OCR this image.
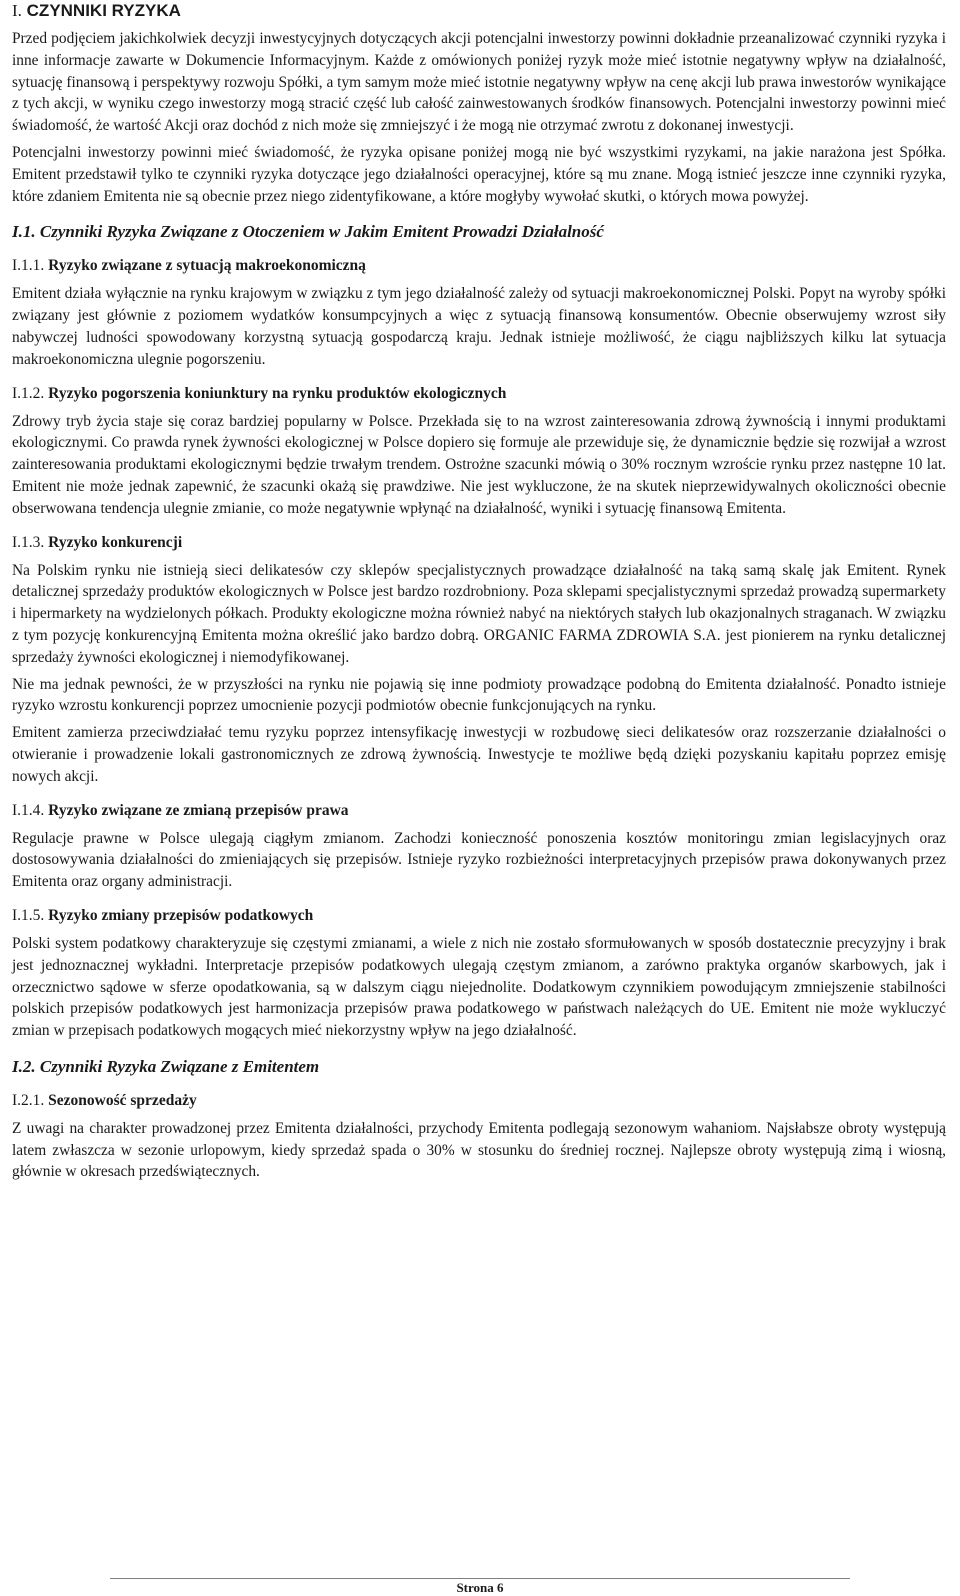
I. CZYNNIKI RYZYKA

Przed podjęciem jakichkolwiek decyzji inwestycyjnych dotyczących akcji potencjalni inwestorzy powinni dokładnie przeanalizować czynniki ryzyka i inne informacje zawarte w Dokumencie Informacyjnym. Każde z omówionych poniżej ryzyk może mieć istotnie negatywny wpływ na działalność, sytuację finansową i perspektywy rozwoju Spółki, a tym samym może mieć istotnie negatywny wpływ na cenę akcji lub prawa inwestorów wynikające z tych akcji, w wyniku czego inwestorzy mogą stracić część lub całość zainwestowanych środków finansowych. Potencjalni inwestorzy powinni mieć świadomość, że wartość Akcji oraz dochód z nich może się zmniejszyć i że mogą nie otrzymać zwrotu z dokonanej inwestycji.

Potencjalni inwestorzy powinni mieć świadomość, że ryzyka opisane poniżej mogą nie być wszystkimi ryzykami, na jakie narażona jest Spółka. Emitent przedstawił tylko te czynniki ryzyka dotyczące jego działalności operacyjnej, które są mu znane. Mogą istnieć jeszcze inne czynniki ryzyka, które zdaniem Emitenta nie są obecnie przez niego zidentyfikowane, a które mogłyby wywołać skutki, o których mowa powyżej.

I.1. Czynniki Ryzyka Związane z Otoczeniem w Jakim Emitent Prowadzi Działalność
I.1.1. Ryzyko związane z sytuacją makroekonomiczną

Emitent działa wyłącznie na rynku krajowym w związku z tym jego działalność zależy od sytuacji makroekonomicznej Polski. Popyt na wyroby spółki związany jest głównie z poziomem wydatków konsumpcyjnych a więc z sytuacją finansową konsumentów. Obecnie obserwujemy wzrost siły nabywczej ludności spowodowany korzystną sytuacją gospodarczą kraju. Jednak istnieje możliwość, że ciągu najbliższych kilku lat sytuacja makroekonomiczna ulegnie pogorszeniu.

I.1.2. Ryzyko pogorszenia koniunktury na rynku produktów ekologicznych

Zdrowy tryb życia staje się coraz bardziej popularny w Polsce. Przekłada się to na wzrost zainteresowania zdrową żywnością i innymi produktami ekologicznymi. Co prawda rynek żywności ekologicznej w Polsce dopiero się formuje ale przewiduje się, że dynamicznie będzie się rozwijał a wzrost zainteresowania produktami ekologicznymi będzie trwałym trendem. Ostrożne szacunki mówią o 30% rocznym wzroście rynku przez następne 10 lat. Emitent nie może jednak zapewnić, że szacunki okażą się prawdziwe. Nie jest wykluczone, że na skutek nieprzewidywalnych okoliczności obecnie obserwowana tendencja ulegnie zmianie, co może negatywnie wpłynąć na działalność, wyniki i sytuację finansową Emitenta.

I.1.3. Ryzyko konkurencji

Na Polskim rynku nie istnieją sieci delikatesów czy sklepów specjalistycznych prowadzące działalność na taką samą skalę jak Emitent. Rynek detalicznej sprzedaży produktów ekologicznych w Polsce jest bardzo rozdrobniony. Poza sklepami specjalistycznymi sprzedaż prowadzą supermarkety i hipermarkety na wydzielonych półkach. Produkty ekologiczne można również nabyć na niektórych stałych lub okazjonalnych straganach. W związku z tym pozycję konkurencyjną Emitenta można określić jako bardzo dobrą. ORGANIC FARMA ZDROWIA S.A. jest pionierem na rynku detalicznej sprzedaży żywności ekologicznej i niemodyfikowanej.

Nie ma jednak pewności, że w przyszłości na rynku nie pojawią się inne podmioty prowadzące podobną do Emitenta działalność. Ponadto istnieje ryzyko wzrostu konkurencji poprzez umocnienie pozycji podmiotów obecnie funkcjonujących na rynku.

Emitent zamierza przeciwdziałać temu ryzyku poprzez intensyfikację inwestycji w rozbudowę sieci delikatesów oraz rozszerzanie działalności o otwieranie i prowadzenie lokali gastronomicznych ze zdrową żywnością. Inwestycje te możliwe będą dzięki pozyskaniu kapitału poprzez emisję nowych akcji.

I.1.4. Ryzyko związane ze zmianą przepisów prawa

Regulacje prawne w Polsce ulegają ciągłym zmianom. Zachodzi konieczność ponoszenia kosztów monitoringu zmian legislacyjnych oraz dostosowywania działalności do zmieniających się przepisów. Istnieje ryzyko rozbieżności interpretacyjnych przepisów prawa dokonywanych przez Emitenta oraz organy administracji.

I.1.5. Ryzyko zmiany przepisów podatkowych

Polski system podatkowy charakteryzuje się częstymi zmianami, a wiele z nich nie zostało sformułowanych w sposób dostatecznie precyzyjny i brak jest jednoznacznej wykładni. Interpretacje przepisów podatkowych ulegają częstym zmianom, a zarówno praktyka organów skarbowych, jak i orzecznictwo sądowe w sferze opodatkowania, są w dalszym ciągu niejednolite. Dodatkowym czynnikiem powodującym zmniejszenie stabilności polskich przepisów podatkowych jest harmonizacja przepisów prawa podatkowego w państwach należących do UE. Emitent nie może wykluczyć zmian w przepisach podatkowych mogących mieć niekorzystny wpływ na jego działalność.

I.2. Czynniki Ryzyka Związane z Emitentem
I.2.1. Sezonowość sprzedaży

Z uwagi na charakter prowadzonej przez Emitenta działalności, przychody Emitenta podlegają sezonowym wahaniom. Najsłabsze obroty występują latem zwłaszcza w sezonie urlopowym, kiedy sprzedaż spada o 30% w stosunku do średniej rocznej. Najlepsze obroty występują zimą i wiosną, głównie w okresach przedświątecznych.

Strona 6
